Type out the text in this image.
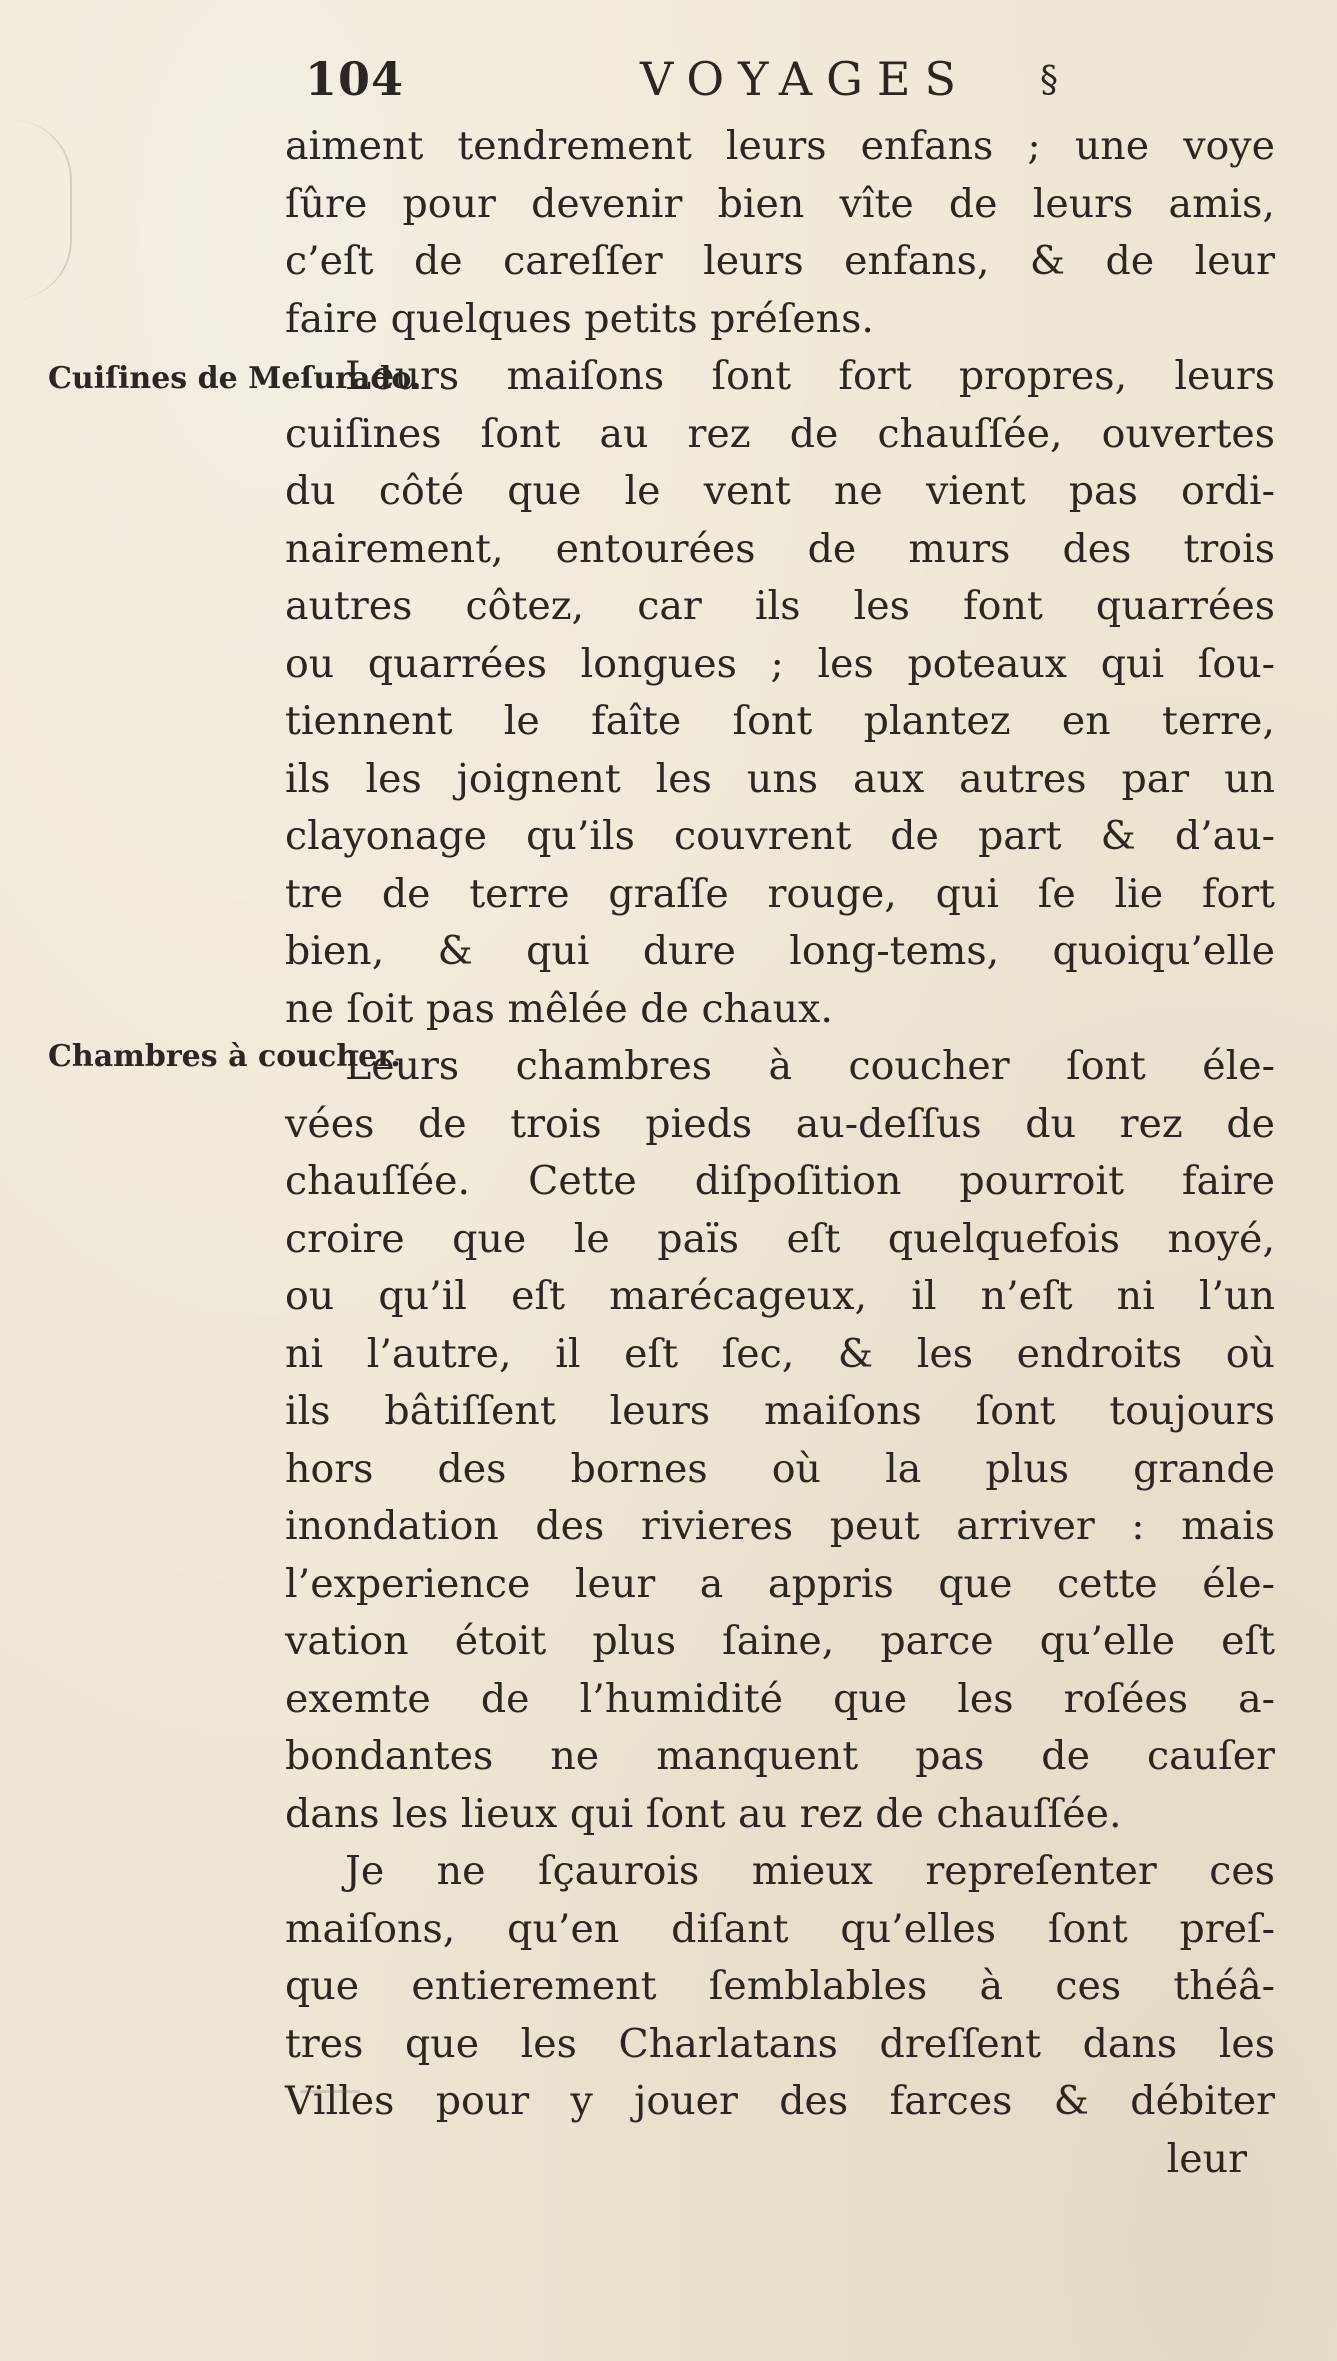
104	VOYAGES §
Cuiſines de Meſurado.
Chambres à coucher.
aiment tendrement leurs enfans ; une voye
ſûre pour devenir bien vîte de leurs amis,
c’eſt de careſſer leurs enfans, & de leur
faire quelques petits préſens.
Leurs maiſons ſont fort propres, leurs
cuiſines ſont au rez de chauſſée, ouvertes
du côté que le vent ne vient pas ordi-
nairement, entourées de murs des trois
autres côtez, car ils les font quarrées
ou quarrées longues ; les poteaux qui ſou-
tiennent le faîte ſont plantez en terre,
ils les joignent les uns aux autres par un
clayonage qu’ils couvrent de part & d’au-
tre de terre graſſe rouge, qui ſe lie fort
bien, & qui dure long-tems, quoiqu’elle
ne ſoit pas mêlée de chaux.
Leurs chambres à coucher ſont éle-
vées de trois pieds au-deſſus du rez de
chauſſée. Cette diſpoſition pourroit faire
croire que le païs eſt quelquefois noyé,
ou qu’il eſt marécageux, il n’eſt ni l’un
ni l’autre, il eſt ſec, & les endroits où
ils bâtiſſent leurs maiſons ſont toujours
hors des bornes où la plus grande
inondation des rivieres peut arriver : mais
l’experience leur a appris que cette éle-
vation étoit plus ſaine, parce qu’elle eſt
exemte de l’humidité que les roſées a-
bondantes ne manquent pas de cauſer
dans les lieux qui ſont au rez de chauſſée.
Je ne ſçaurois mieux repreſenter ces
maiſons, qu’en diſant qu’elles ſont preſ-
que entierement ſemblables à ces théâ-
tres que les Charlatans dreſſent dans les
Villes pour y jouer des farces & débiter
leur
